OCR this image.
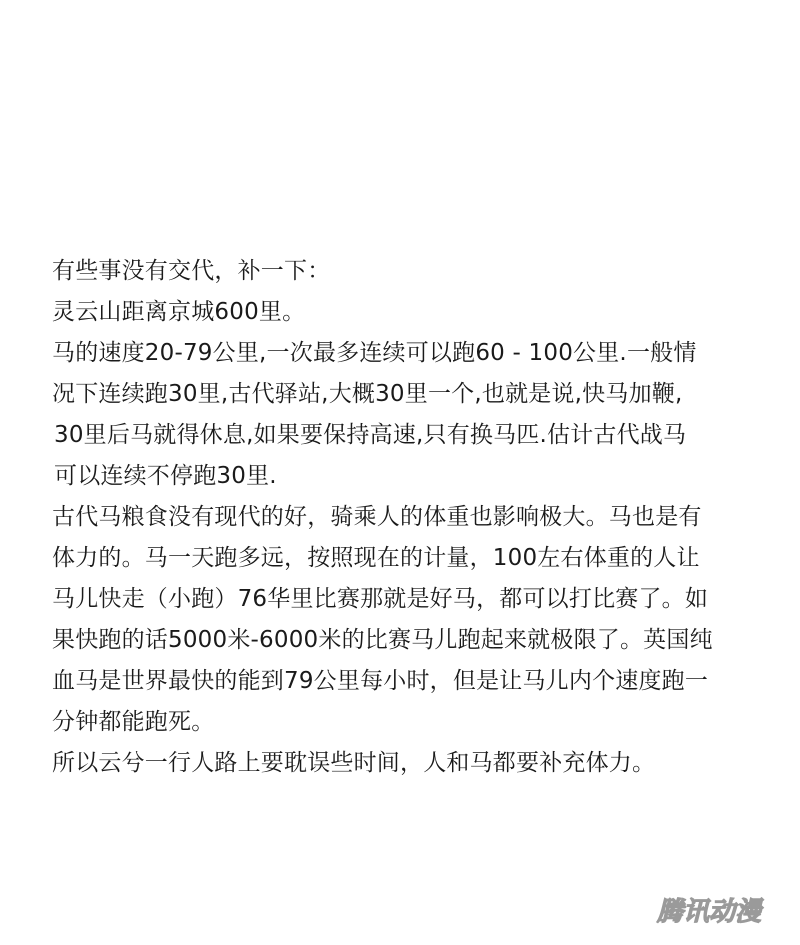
有些事没有交代，补一下：
灵云山距离京城600里。
马的速度20-79公里,一次最多连续可以跑60 - 100公里.一般情
况下连续跑30里,古代驿站,大概30里一个,也就是说,快马加鞭,
30里后马就得休息,如果要保持高速,只有换马匹.估计古代战马
可以连续不停跑30里.
古代马粮食没有现代的好，骑乘人的体重也影响极大。马也是有
体力的。马一天跑多远，按照现在的计量，100左右体重的人让
马儿快走（小跑）76华里比赛那就是好马，都可以打比赛了。如
果快跑的话5000米-6000米的比赛马儿跑起来就极限了。英国纯
血马是世界最快的能到79公里每小时，但是让马儿内个速度跑一
分钟都能跑死。
所以云兮一行人路上要耽误些时间，人和马都要补充体力。
腾讯动漫
